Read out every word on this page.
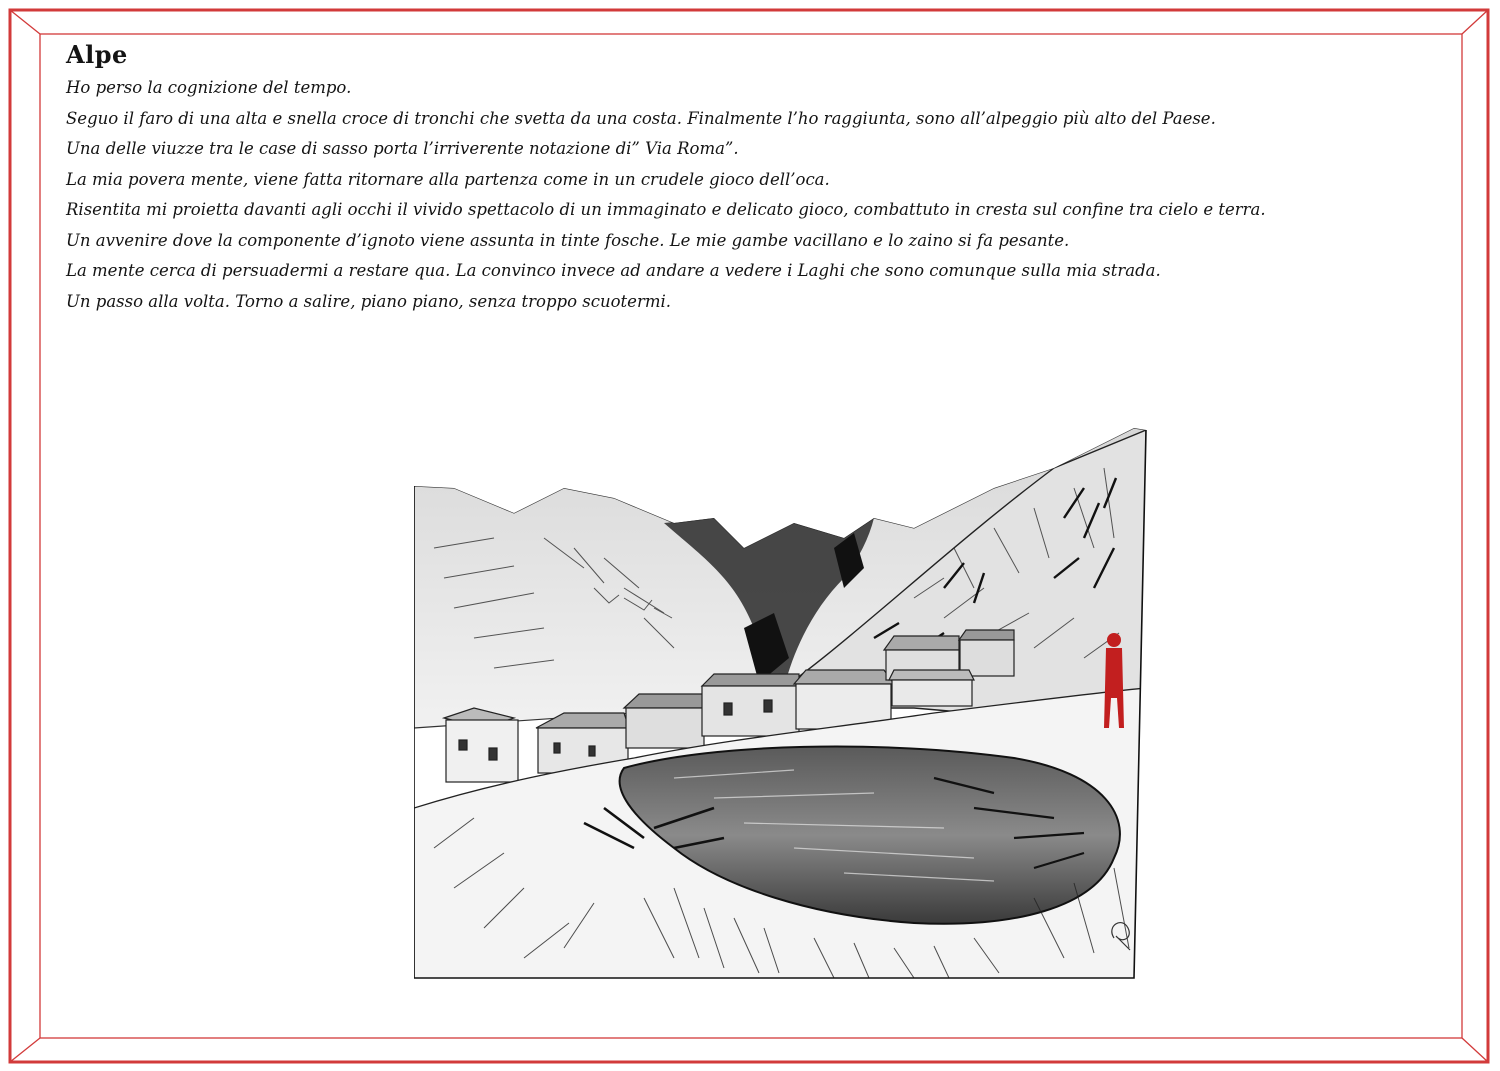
Alpe
Ho perso la cognizione del tempo.
Seguo il faro di una alta e snella croce di tronchi che svetta da una costa. Finalmente l’ho raggiunta, sono all’alpeggio più alto del Paese.
Una delle viuzze tra le case di sasso porta l’irriverente notazione di” Via Roma”.
La mia povera mente, viene fatta ritornare alla partenza come in un crudele gioco dell’oca.
Risentita mi proietta davanti agli occhi il vivido spettacolo di un immaginato e delicato gioco, combattuto in cresta sul confine tra cielo e terra.
Un avvenire dove la componente d’ignoto viene assunta in tinte fosche. Le mie gambe vacillano e lo zaino si fa pesante.
La mente cerca di persuadermi a restare qua. La convinco invece ad andare a vedere i Laghi che sono comunque sulla mia strada.
Un passo alla volta. Torno a salire, piano piano, senza troppo scuotermi.
